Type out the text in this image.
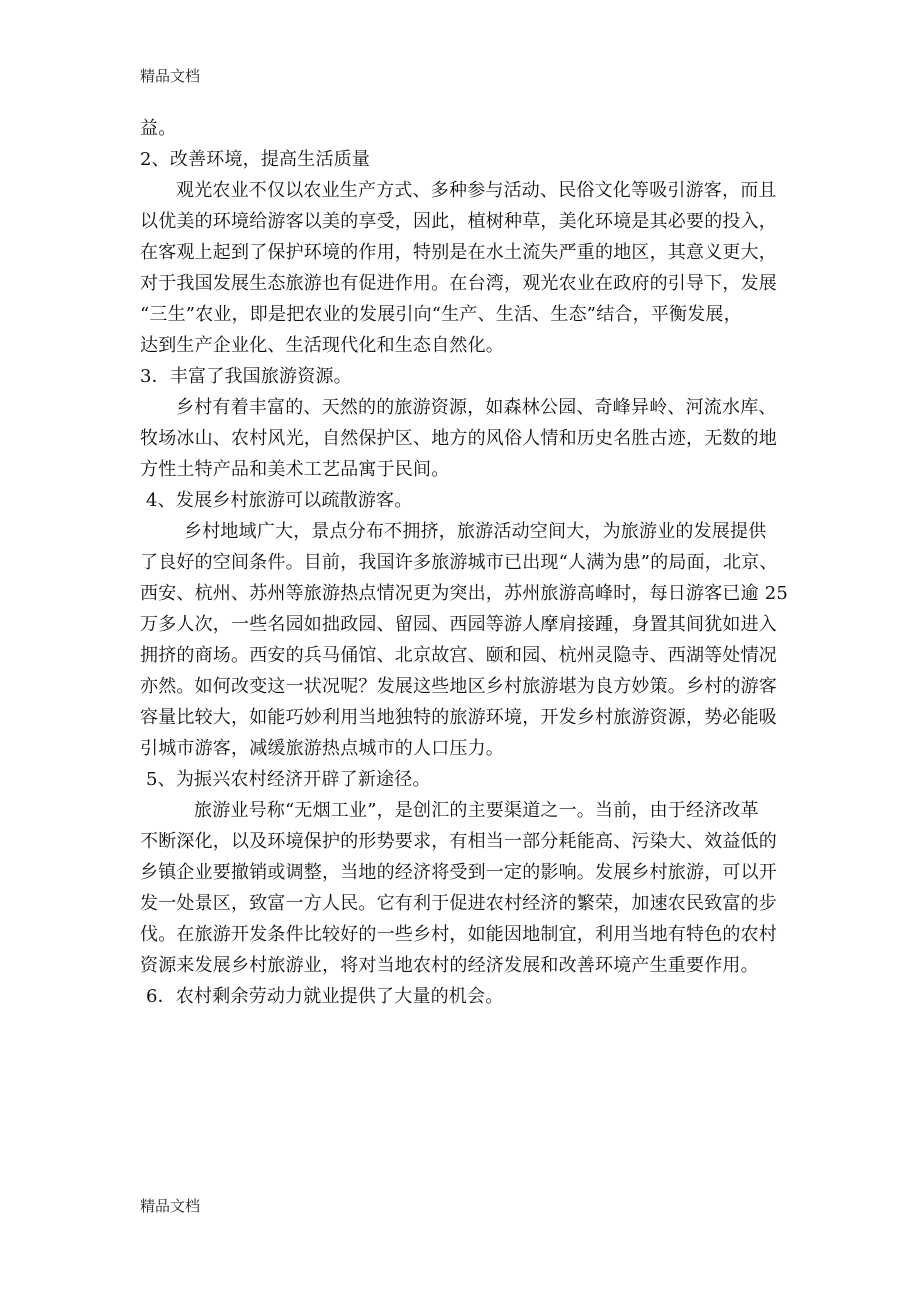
精品文档
益。
2、改善环境，提高生活质量
观光农业不仅以农业生产方式、多种参与活动、民俗文化等吸引游客，而且
以优美的环境给游客以美的享受，因此，植树种草，美化环境是其必要的投入，
在客观上起到了保护环境的作用，特别是在水土流失严重的地区，其意义更大，
对于我国发展生态旅游也有促进作用。在台湾，观光农业在政府的引导下，发展
“三生”农业，即是把农业的发展引向“生产、生活、生态”结合，平衡发展，
达到生产企业化、生活现代化和生态自然化。
3．丰富了我国旅游资源。
乡村有着丰富的、天然的的旅游资源，如森林公园、奇峰异岭、河流水库、
牧场冰山、农村风光，自然保护区、地方的风俗人情和历史名胜古迹，无数的地
方性土特产品和美术工艺品寓于民间。
4、发展乡村旅游可以疏散游客。
乡村地域广大，景点分布不拥挤，旅游活动空间大，为旅游业的发展提供
了良好的空间条件。目前，我国许多旅游城市已出现“人满为患”的局面，北京、
西安、杭州、苏州等旅游热点情况更为突出，苏州旅游高峰时，每日游客已逾 25
万多人次，一些名园如拙政园、留园、西园等游人摩肩接踵，身置其间犹如进入
拥挤的商场。西安的兵马俑馆、北京故宫、颐和园、杭州灵隐寺、西湖等处情况
亦然。如何改变这一状况呢？发展这些地区乡村旅游堪为良方妙策。乡村的游客
容量比较大，如能巧妙利用当地独特的旅游环境，开发乡村旅游资源，势必能吸
引城市游客，减缓旅游热点城市的人口压力。
5、为振兴农村经济开辟了新途径。
旅游业号称“无烟工业”，是创汇的主要渠道之一。当前，由于经济改革
不断深化，以及环境保护的形势要求，有相当一部分耗能高、污染大、效益低的
乡镇企业要撤销或调整，当地的经济将受到一定的影响。发展乡村旅游，可以开
发一处景区，致富一方人民。它有利于促进农村经济的繁荣，加速农民致富的步
伐。在旅游开发条件比较好的一些乡村，如能因地制宜，利用当地有特色的农村
资源来发展乡村旅游业，将对当地农村的经济发展和改善环境产生重要作用。
6．农村剩余劳动力就业提供了大量的机会。
精品文档
